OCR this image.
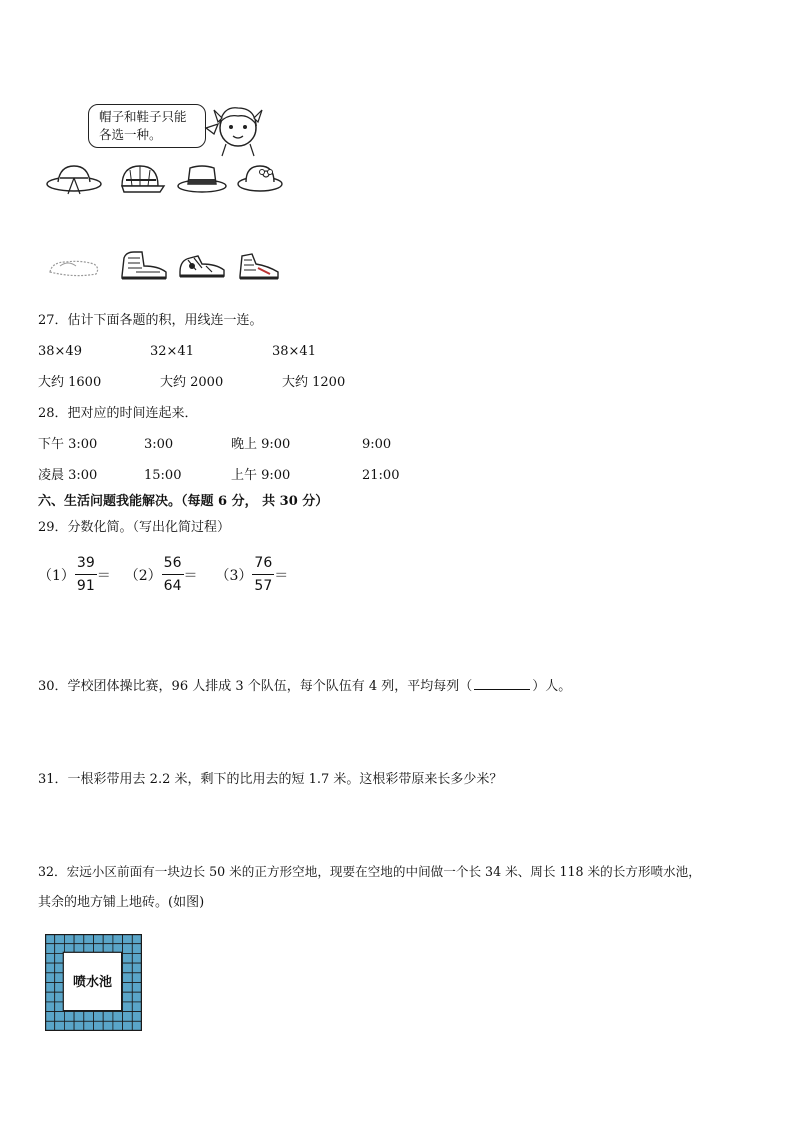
帽子和鞋子只能
各选一种。
27．估计下面各题的积，用线连一连。
38×49	32×41	38×41
大约 1600	大约 2000	大约 1200
28．把对应的时间连起来．
下午 3:00	3:00	晚上 9:00	9:00
凌晨 3:00	15:00	上午 9:00	21:00
六、生活问题我能解决。（每题 6 分， 共 30 分）
29．分数化简。（写出化简过程）
$(1) \frac{39}{91} = (2) \frac{56}{64} = (3) \frac{76}{57}$ ＝
30．学校团体操比赛，96 人排成 3 个队伍，每个队伍有 4 列，平均每列（	）人。
31．一根彩带用去 2.2 米，剩下的比用去的短 1.7 米。这根彩带原来长多少米？
32．宏远小区前面有一块边长 50 米的正方形空地，现要在空地的中间做一个长 34 米、周长 118 米的长方形喷水池，
其余的地方铺上地砖。(如图)
喷水池
